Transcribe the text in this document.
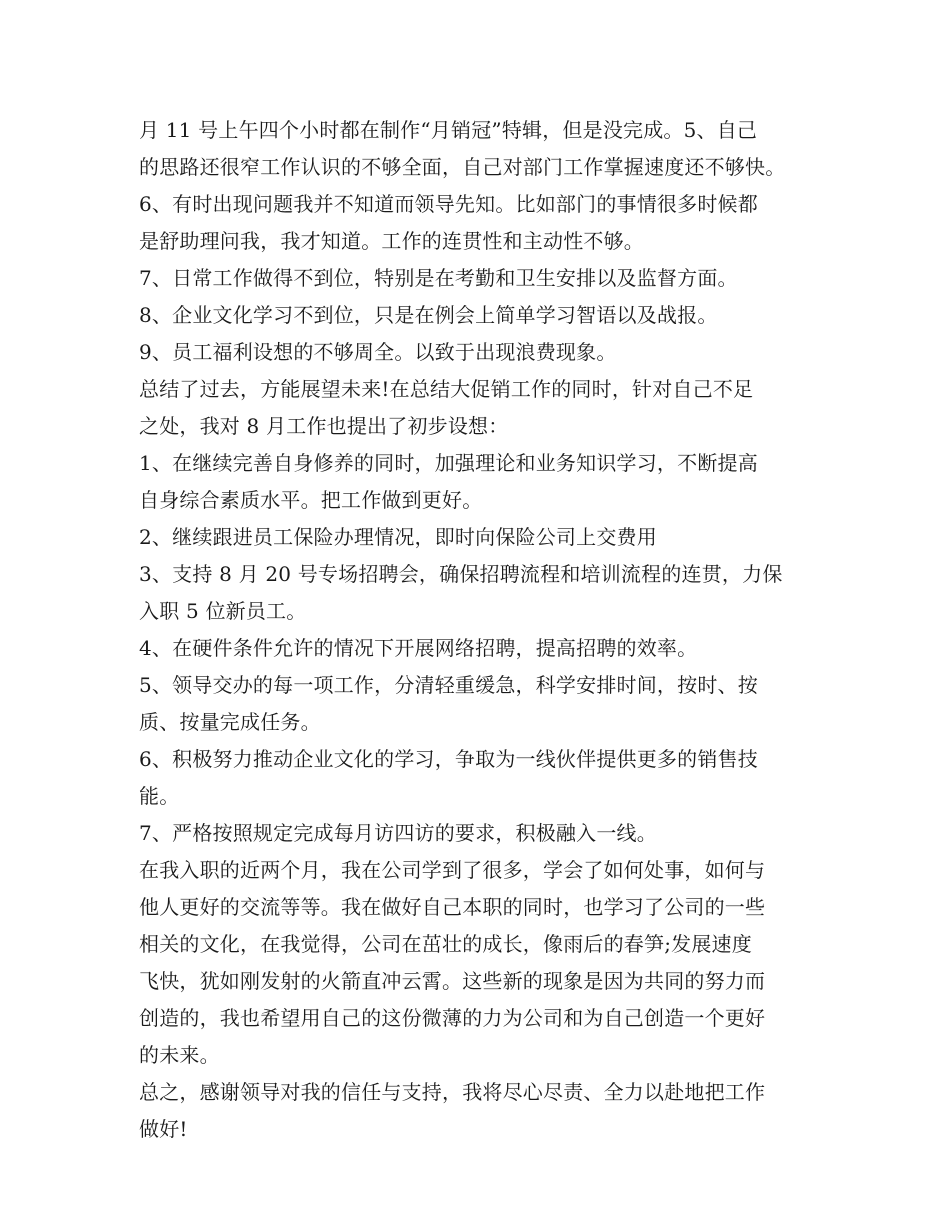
月 11 号上午四个小时都在制作“月销冠”特辑，但是没完成。5、自己
的思路还很窄工作认识的不够全面，自己对部门工作掌握速度还不够快。
6、有时出现问题我并不知道而领导先知。比如部门的事情很多时候都
是舒助理问我，我才知道。工作的连贯性和主动性不够。
7、日常工作做得不到位，特别是在考勤和卫生安排以及监督方面。
8、企业文化学习不到位，只是在例会上简单学习智语以及战报。
9、员工福利设想的不够周全。以致于出现浪费现象。
总结了过去，方能展望未来!在总结大促销工作的同时，针对自己不足
之处，我对 8 月工作也提出了初步设想：
1、在继续完善自身修养的同时，加强理论和业务知识学习，不断提高
自身综合素质水平。把工作做到更好。
2、继续跟进员工保险办理情况，即时向保险公司上交费用
3、支持 8 月 20 号专场招聘会，确保招聘流程和培训流程的连贯，力保
入职 5 位新员工。
4、在硬件条件允许的情况下开展网络招聘，提高招聘的效率。
5、领导交办的每一项工作，分清轻重缓急，科学安排时间，按时、按
质、按量完成任务。
6、积极努力推动企业文化的学习，争取为一线伙伴提供更多的销售技
能。
7、严格按照规定完成每月访四访的要求，积极融入一线。
在我入职的近两个月，我在公司学到了很多，学会了如何处事，如何与
他人更好的交流等等。我在做好自己本职的同时，也学习了公司的一些
相关的文化，在我觉得，公司在茁壮的成长，像雨后的春笋;发展速度
飞快，犹如刚发射的火箭直冲云霄。这些新的现象是因为共同的努力而
创造的，我也希望用自己的这份微薄的力为公司和为自己创造一个更好
的未来。
总之，感谢领导对我的信任与支持，我将尽心尽责、全力以赴地把工作
做好!
